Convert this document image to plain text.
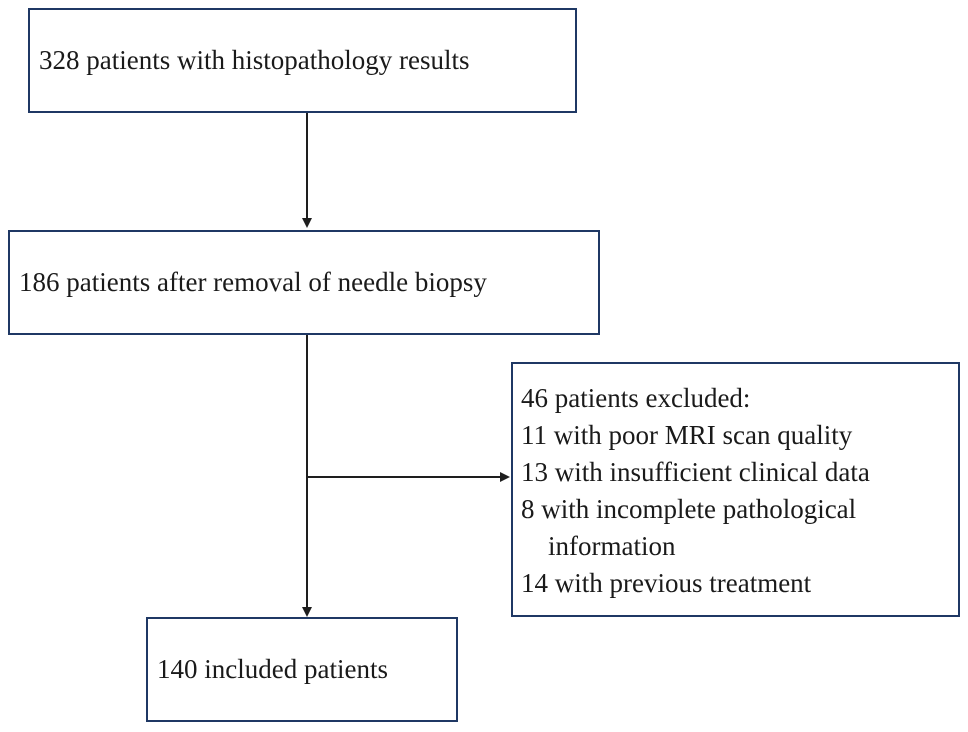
328 patients with histopathology results
186 patients after removal of needle biopsy
46 patients excluded:
11 with poor MRI scan quality
13 with insufficient clinical data
8 with incomplete pathological
information
14 with previous treatment
140 included patients
